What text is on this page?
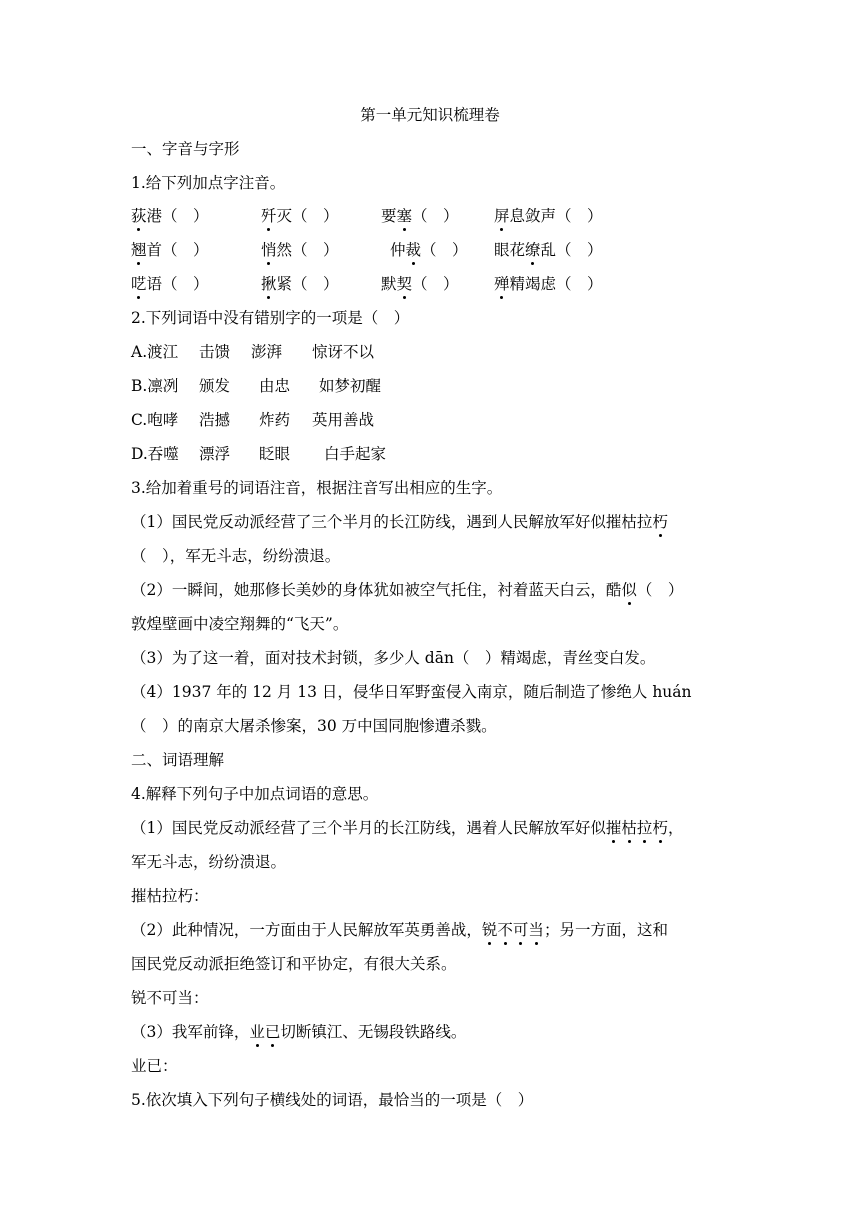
第一单元知识梳理卷
一、字音与字形
1.给下列加点字注音。
荻港（　）	歼灭（　）	要塞（　） 屏息敛声（　）
翘首（　）	悄然（　）	仲裁（　） 眼花缭乱（　）
呓语（　）	揪紧（　）	默契（　） 殚精竭虑（　）
2.下列词语中没有错别字的一项是（　）
A.渡江 击馈 澎湃 惊讶不以
B.凛冽 颁发 由忠 如梦初醒
C.咆哮 浩撼 炸药 英用善战
D.吞噬 漂浮 眨眼 白手起家
3.给加着重号的词语注音，根据注音写出相应的生字。
（1）国民党反动派经营了三个半月的长江防线，遇到人民解放军好似摧枯拉朽
（　），军无斗志，纷纷溃退。
（2）一瞬间，她那修长美妙的身体犹如被空气托住，衬着蓝天白云，酷似（　）
敦煌壁画中凌空翔舞的“飞天”。
（3）为了这一着，面对技术封锁，多少人 dān（　）精竭虑，青丝变白发。
（4）1937 年的 12 月 13 日，侵华日军野蛮侵入南京，随后制造了惨绝人 huán
（　）的南京大屠杀惨案，30 万中国同胞惨遭杀戮。
二、词语理解
4.解释下列句子中加点词语的意思。
（1）国民党反动派经营了三个半月的长江防线，遇着人民解放军好似摧枯拉朽，
军无斗志，纷纷溃退。
摧枯拉朽：
（2）此种情况，一方面由于人民解放军英勇善战，锐不可当；另一方面，这和
国民党反动派拒绝签订和平协定，有很大关系。
锐不可当：
（3）我军前锋，业已切断镇江、无锡段铁路线。
业已：
5.依次填入下列句子横线处的词语，最恰当的一项是（　）
